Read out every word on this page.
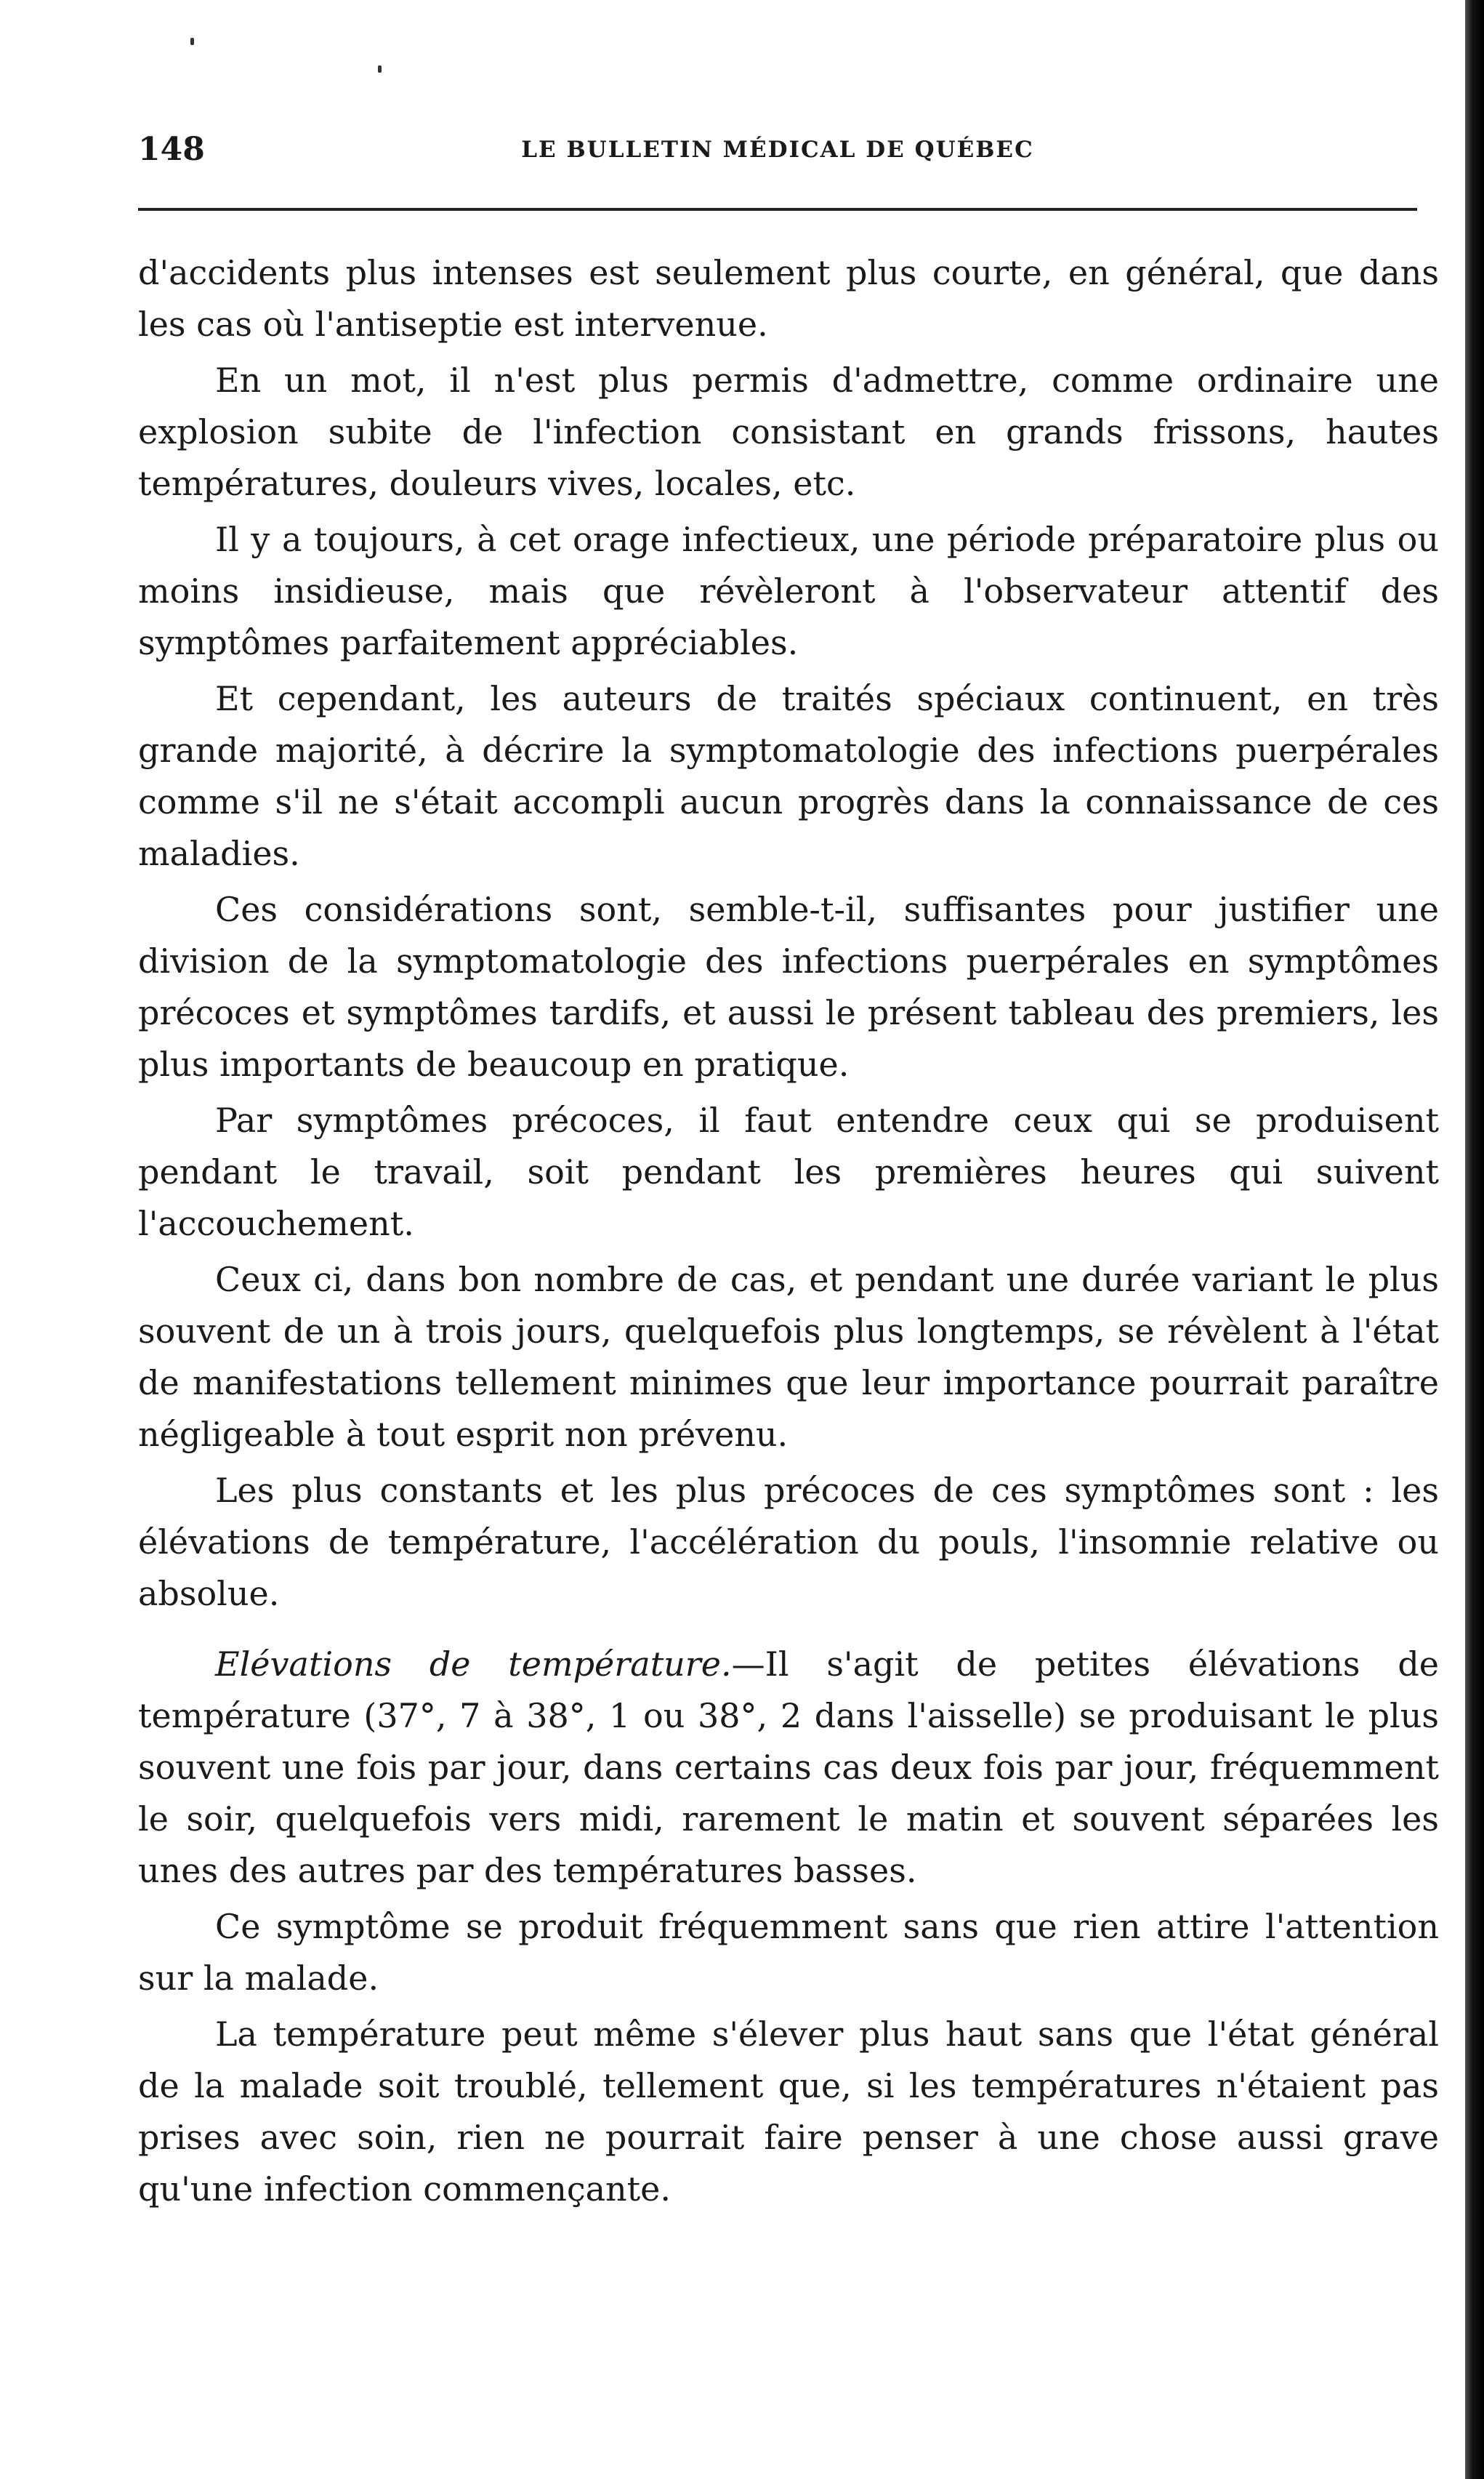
148	LE BULLETIN MÉDICAL DE QUÉBEC

d'accidents plus intenses est seulement plus courte, en général, que dans les cas où l'antiseptie est intervenue.

En un mot, il n'est plus permis d'admettre, comme ordinaire une explosion subite de l'infection consistant en grands frissons, hautes températures, douleurs vives, locales, etc.

Il y a toujours, à cet orage infectieux, une période préparatoire plus ou moins insidieuse, mais que révèleront à l'observateur attentif des symptômes parfaitement appréciables.

Et cependant, les auteurs de traités spéciaux continuent, en très grande majorité, à décrire la symptomatologie des infections puerpérales comme s'il ne s'était accompli aucun progrès dans la connaissance de ces maladies.

Ces considérations sont, semble-t-il, suffisantes pour justifier une division de la symptomatologie des infections puerpérales en symptômes précoces et symptômes tardifs, et aussi le présent tableau des premiers, les plus importants de beaucoup en pratique.

Par symptômes précoces, il faut entendre ceux qui se produisent pendant le travail, soit pendant les premières heures qui suivent l'accouchement.

Ceux ci, dans bon nombre de cas, et pendant une durée variant le plus souvent de un à trois jours, quelquefois plus longtemps, se révèlent à l'état de manifestations tellement minimes que leur importance pourrait paraître négligeable à tout esprit non prévenu.

Les plus constants et les plus précoces de ces symptômes sont : les élévations de température, l'accélération du pouls, l'insomnie relative ou absolue.

Elévations de température.—Il s'agit de petites élévations de température (37°, 7 à 38°, 1 ou 38°, 2 dans l'aisselle) se produisant le plus souvent une fois par jour, dans certains cas deux fois par jour, fréquemment le soir, quelquefois vers midi, rarement le matin et souvent séparées les unes des autres par des températures basses.

Ce symptôme se produit fréquemment sans que rien attire l'attention sur la malade.

La température peut même s'élever plus haut sans que l'état général de la malade soit troublé, tellement que, si les températures n'étaient pas prises avec soin, rien ne pourrait faire penser à une chose aussi grave qu'une infection commençante.
